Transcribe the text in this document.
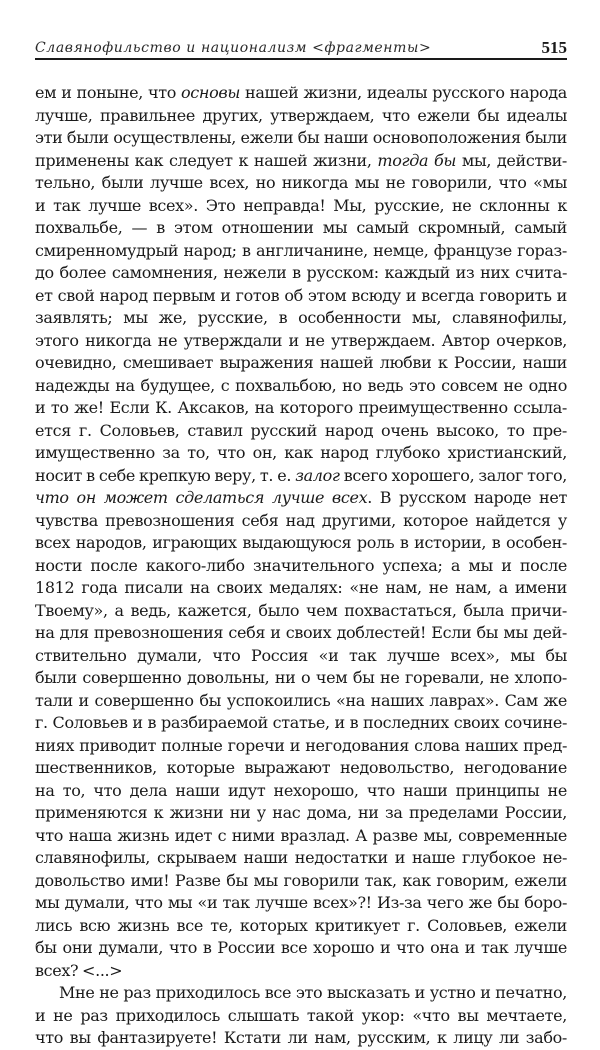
Славянофильство и национализм <фрагменты>	515
ем и поныне, что основы нашей жизни, идеалы русского народа
лучше, правильнее других, утверждаем, что ежели бы идеалы
эти были осуществлены, ежели бы наши основоположения были
применены как следует к нашей жизни, тогда бы мы, действи-
тельно, были лучше всех, но никогда мы не говорили, что «мы
и так лучше всех». Это неправда! Мы, русские, не склонны к
похвальбе, — в этом отношении мы самый скромный, самый
смиренномудрый народ; в англичанине, немце, французе гораз-
до более самомнения, нежели в русском: каждый из них счита-
ет свой народ первым и готов об этом всюду и всегда говорить и
заявлять; мы же, русские, в особенности мы, славянофилы,
этого никогда не утверждали и не утверждаем. Автор очерков,
очевидно, смешивает выражения нашей любви к России, наши
надежды на будущее, с похвальбою, но ведь это совсем не одно
и то же! Если К. Аксаков, на которого преимущественно ссыла-
ется г. Соловьев, ставил русский народ очень высоко, то пре-
имущественно за то, что он, как народ глубоко христианский,
носит в себе крепкую веру, т. е. залог всего хорошего, залог того,
что он может сделаться лучше всех. В русском народе нет
чувства превозношения себя над другими, которое найдется у
всех народов, играющих выдающуюся роль в истории, в особен-
ности после какого-либо значительного успеха; а мы и после
1812 года писали на своих медалях: «не нам, не нам, а имени
Твоему», а ведь, кажется, было чем похвастаться, была причи-
на для превозношения себя и своих доблестей! Если бы мы дей-
ствительно думали, что Россия «и так лучше всех», мы бы
были совершенно довольны, ни о чем бы не горевали, не хлопо-
тали и совершенно бы успокоились «на наших лаврах». Сам же
г. Соловьев и в разбираемой статье, и в последних своих сочине-
ниях приводит полные горечи и негодования слова наших пред-
шественников, которые выражают недовольство, негодование
на то, что дела наши идут нехорошо, что наши принципы не
применяются к жизни ни у нас дома, ни за пределами России,
что наша жизнь идет с ними вразлад. А разве мы, современные
славянофилы, скрываем наши недостатки и наше глубокое не-
довольство ими! Разве бы мы говорили так, как говорим, ежели
мы думали, что мы «и так лучше всех»?! Из-за чего же бы боро-
лись всю жизнь все те, которых критикует г. Соловьев, ежели
бы они думали, что в России все хорошо и что она и так лучше
всех? <...>
Мне не раз приходилось все это высказать и устно и печатно,
и не раз приходилось слышать такой укор: «что вы мечтаете,
что вы фантазируете! Кстати ли нам, русским, к лицу ли забо-
